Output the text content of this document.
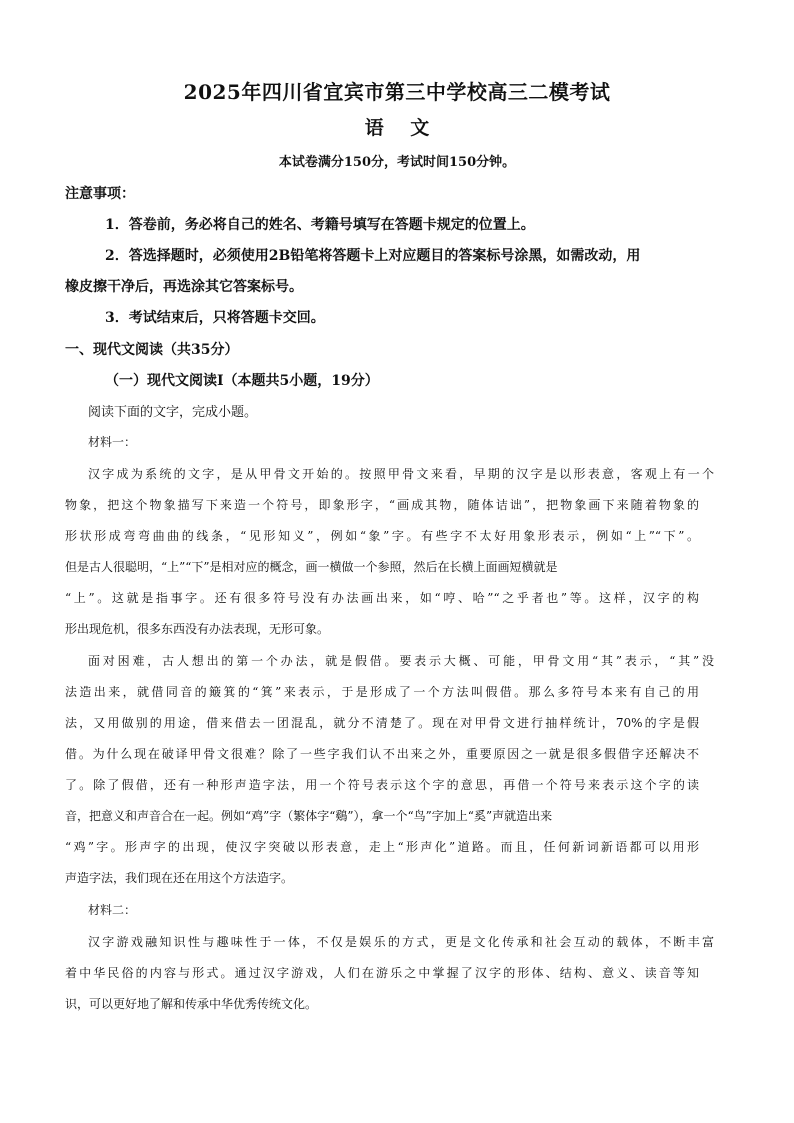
2025年四川省宜宾市第三中学校高三二模考试
语 文
本试卷满分150分，考试时间150分钟。
注意事项：
1．答卷前，务必将自己的姓名、考籍号填写在答题卡规定的位置上。
2．答选择题时，必须使用2B铅笔将答题卡上对应题目的答案标号涂黑，如需改动，用
橡皮擦干净后，再选涂其它答案标号。
3．考试结束后，只将答题卡交回。
一、现代文阅读（共35分）
（一）现代文阅读Ⅰ（本题共5小题，19分）
阅读下面的文字，完成小题。
材料一：
汉字成为系统的文字，是从甲骨文开始的。按照甲骨文来看，早期的汉字是以形表意，客观上有一个
物象，把这个物象描写下来造一个符号，即象形字，“画成其物，随体诘诎”，把物象画下来随着物象的
形状形成弯弯曲曲的线条，“见形知义”，例如“象”字。有些字不太好用象形表示，例如“上”“下”。
但是古人很聪明，“上”“下”是相对应的概念，画一横做一个参照，然后在长横上面画短横就是
“上”。这就是指事字。还有很多符号没有办法画出来，如“哼、哈”“之乎者也”等。这样，汉字的构
形出现危机，很多东西没有办法表现，无形可象。
面对困难，古人想出的第一个办法，就是假借。要表示大概、可能，甲骨文用“其”表示，“其”没
法造出来，就借同音的簸箕的“箕”来表示，于是形成了一个方法叫假借。那么多符号本来有自己的用
法，又用做别的用途，借来借去一团混乱，就分不清楚了。现在对甲骨文进行抽样统计，70%的字是假
借。为什么现在破译甲骨文很难？除了一些字我们认不出来之外，重要原因之一就是很多假借字还解决不
了。除了假借，还有一种形声造字法，用一个符号表示这个字的意思，再借一个符号来表示这个字的读
音，把意义和声音合在一起。例如“鸡”字（繁体字“鷄”），拿一个“鸟”字加上“奚”声就造出来
“鸡”字。形声字的出现，使汉字突破以形表意，走上“形声化”道路。而且，任何新词新语都可以用形
声造字法，我们现在还在用这个方法造字。
材料二：
汉字游戏融知识性与趣味性于一体，不仅是娱乐的方式，更是文化传承和社会互动的载体，不断丰富
着中华民俗的内容与形式。通过汉字游戏，人们在游乐之中掌握了汉字的形体、结构、意义、读音等知
识，可以更好地了解和传承中华优秀传统文化。
